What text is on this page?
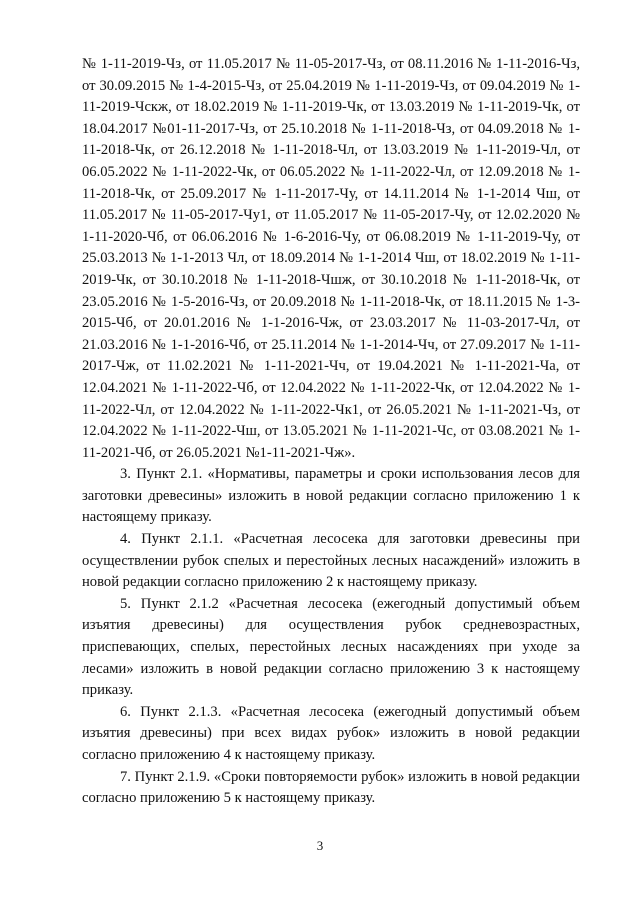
№ 1-11-2019-Чз, от 11.05.2017 № 11-05-2017-Чз, от 08.11.2016 № 1-11-2016-Чз, от 30.09.2015 № 1-4-2015-Чз, от 25.04.2019 № 1-11-2019-Чз, от 09.04.2019 № 1-11-2019-Чскж, от 18.02.2019 № 1-11-2019-Чк, от 13.03.2019 № 1-11-2019-Чк, от 18.04.2017 №01-11-2017-Чз, от 25.10.2018 № 1-11-2018-Чз, от 04.09.2018 № 1-11-2018-Чк, от 26.12.2018 № 1-11-2018-Чл, от 13.03.2019 № 1-11-2019-Чл, от 06.05.2022 № 1-11-2022-Чк, от 06.05.2022 № 1-11-2022-Чл, от 12.09.2018 № 1-11-2018-Чк, от 25.09.2017 № 1-11-2017-Чу, от 14.11.2014 № 1-1-2014 Чш, от 11.05.2017 № 11-05-2017-Чу1, от 11.05.2017 № 11-05-2017-Чу, от 12.02.2020 № 1-11-2020-Чб, от 06.06.2016 № 1-6-2016-Чу, от 06.08.2019 № 1-11-2019-Чу, от 25.03.2013 № 1-1-2013 Чл, от 18.09.2014 № 1-1-2014 Чш, от 18.02.2019 № 1-11-2019-Чк, от 30.10.2018 № 1-11-2018-Чшж, от 30.10.2018 № 1-11-2018-Чк, от 23.05.2016 № 1-5-2016-Чз, от 20.09.2018 № 1-11-2018-Чк, от 18.11.2015 № 1-3-2015-Чб, от 20.01.2016 № 1-1-2016-Чж, от 23.03.2017 № 11-03-2017-Чл, от 21.03.2016 № 1-1-2016-Чб, от 25.11.2014 № 1-1-2014-Чч, от 27.09.2017 № 1-11-2017-Чж, от 11.02.2021 № 1-11-2021-Чч, от 19.04.2021 № 1-11-2021-Ча, от 12.04.2021 № 1-11-2022-Чб, от 12.04.2022 № 1-11-2022-Чк, от 12.04.2022 № 1-11-2022-Чл, от 12.04.2022 № 1-11-2022-Чк1, от 26.05.2021 № 1-11-2021-Чз, от 12.04.2022 № 1-11-2022-Чш, от 13.05.2021 № 1-11-2021-Чс, от 03.08.2021 № 1-11-2021-Чб, от 26.05.2021 №1-11-2021-Чж».

3. Пункт 2.1. «Нормативы, параметры и сроки использования лесов для заготовки древесины» изложить в новой редакции согласно приложению 1 к настоящему приказу.

4. Пункт 2.1.1. «Расчетная лесосека для заготовки древесины при осуществлении рубок спелых и перестойных лесных насаждений» изложить в новой редакции согласно приложению 2 к настоящему приказу.

5. Пункт 2.1.2 «Расчетная лесосека (ежегодный допустимый объем изъятия древесины) для осуществления рубок средневозрастных, приспевающих, спелых, перестойных лесных насаждениях при уходе за лесами» изложить в новой редакции согласно приложению 3 к настоящему приказу.

6. Пункт 2.1.3. «Расчетная лесосека (ежегодный допустимый объем изъятия древесины) при всех видах рубок» изложить в новой редакции согласно приложению 4 к настоящему приказу.

7. Пункт 2.1.9. «Сроки повторяемости рубок» изложить в новой редакции согласно приложению 5 к настоящему приказу.

3
